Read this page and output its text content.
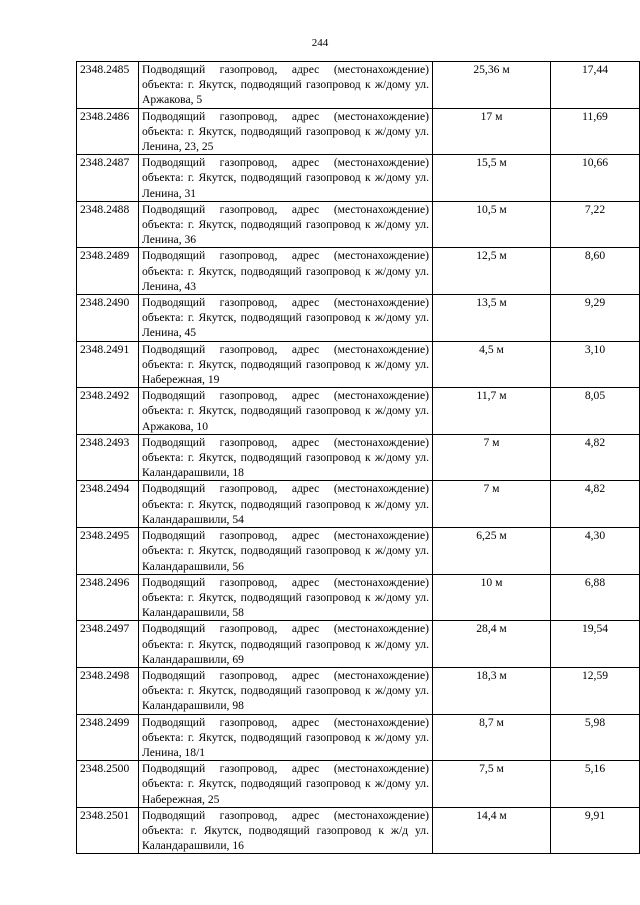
244
2348.2485	Подводящий газопровод, адрес (местонахождение) объекта: г. Якутск, подводящий газопровод к ж/дому ул. Аржакова, 5	25,36 м	17,44
2348.2486	Подводящий газопровод, адрес (местонахождение) объекта: г. Якутск, подводящий газопровод к ж/дому ул. Ленина, 23, 25	17 м	11,69
2348.2487	Подводящий газопровод, адрес (местонахождение) объекта: г. Якутск, подводящий газопровод к ж/дому ул. Ленина, 31	15,5 м	10,66
2348.2488	Подводящий газопровод, адрес (местонахождение) объекта: г. Якутск, подводящий газопровод к ж/дому ул. Ленина, 36	10,5 м	7,22
2348.2489	Подводящий газопровод, адрес (местонахождение) объекта: г. Якутск, подводящий газопровод к ж/дому ул. Ленина, 43	12,5 м	8,60
2348.2490	Подводящий газопровод, адрес (местонахождение) объекта: г. Якутск, подводящий газопровод к ж/дому ул. Ленина, 45	13,5 м	9,29
2348.2491	Подводящий газопровод, адрес (местонахождение) объекта: г. Якутск, подводящий газопровод к ж/дому ул. Набережная, 19	4,5 м	3,10
2348.2492	Подводящий газопровод, адрес (местонахождение) объекта: г. Якутск, подводящий газопровод к ж/дому ул. Аржакова, 10	11,7 м	8,05
2348.2493	Подводящий газопровод, адрес (местонахождение) объекта: г. Якутск, подводящий газопровод к ж/дому ул. Каландарашвили, 18	7 м	4,82
2348.2494	Подводящий газопровод, адрес (местонахождение) объекта: г. Якутск, подводящий газопровод к ж/дому ул. Каландарашвили, 54	7 м	4,82
2348.2495	Подводящий газопровод, адрес (местонахождение) объекта: г. Якутск, подводящий газопровод к ж/дому ул. Каландарашвили, 56	6,25 м	4,30
2348.2496	Подводящий газопровод, адрес (местонахождение) объекта: г. Якутск, подводящий газопровод к ж/дому ул. Каландарашвили, 58	10 м	6,88
2348.2497	Подводящий газопровод, адрес (местонахождение) объекта: г. Якутск, подводящий газопровод к ж/дому ул. Каландарашвили, 69	28,4 м	19,54
2348.2498	Подводящий газопровод, адрес (местонахождение) объекта: г. Якутск, подводящий газопровод к ж/дому ул. Каландарашвили, 98	18,3 м	12,59
2348.2499	Подводящий газопровод, адрес (местонахождение) объекта: г. Якутск, подводящий газопровод к ж/дому ул. Ленина, 18/1	8,7 м	5,98
2348.2500	Подводящий газопровод, адрес (местонахождение) объекта: г. Якутск, подводящий газопровод к ж/дому ул. Набережная, 25	7,5 м	5,16
2348.2501	Подводящий газопровод, адрес (местонахождение) объекта: г. Якутск, подводящий газопровод к ж/д ул. Каландарашвили, 16	14,4 м	9,91
